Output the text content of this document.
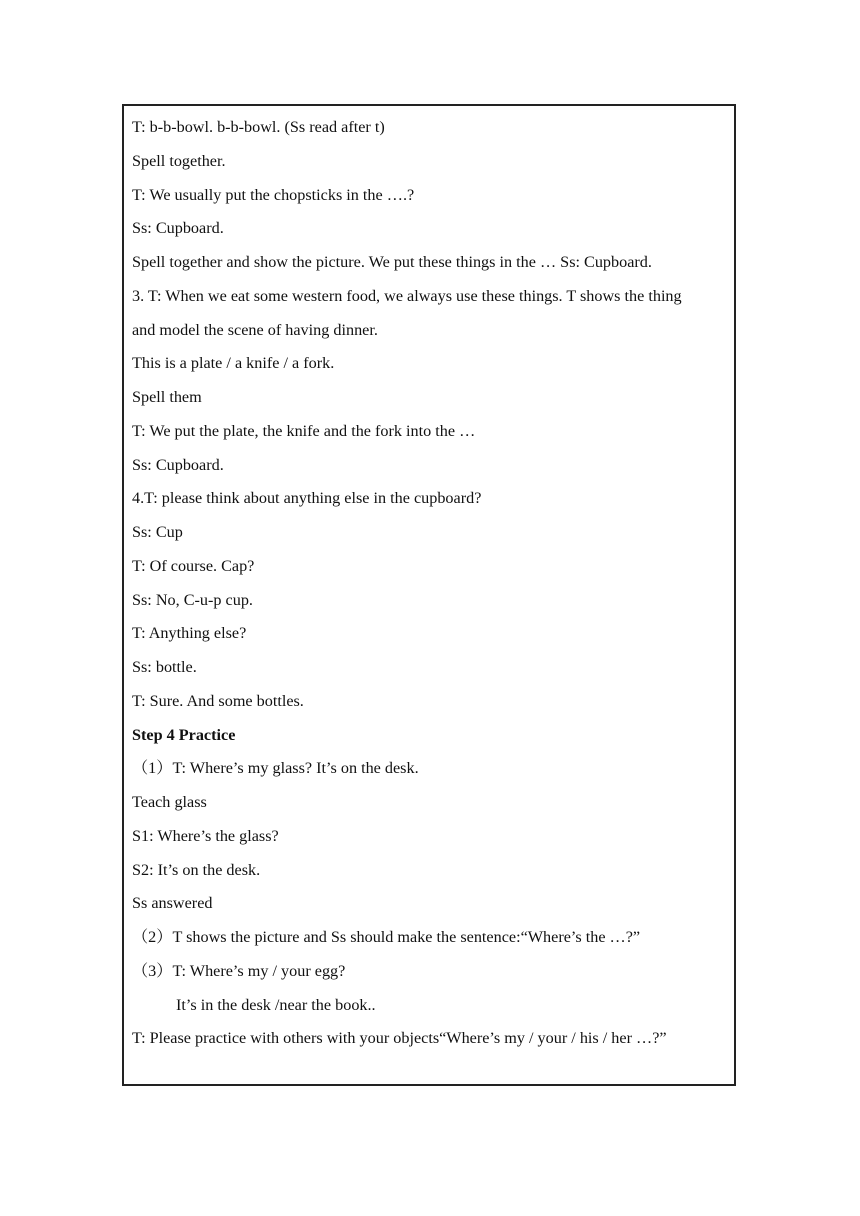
T: b-b-bowl. b-b-bowl. (Ss read after t)
Spell together.
T: We usually put the chopsticks in the ….?
Ss: Cupboard.
Spell together and show the picture. We put these things in the … Ss: Cupboard.
3. T: When we eat some western food, we always use these things. T shows the thing
and model the scene of having dinner.
This is a plate / a knife / a fork.
Spell them
T: We put the plate, the knife and the fork into the …
Ss: Cupboard.
4.T: please think about anything else in the cupboard?
Ss: Cup
T: Of course. Cap?
Ss: No, C-u-p cup.
T: Anything else?
Ss: bottle.
T: Sure. And some bottles.
Step 4 Practice
（1）T: Where’s my glass? It’s on the desk.
Teach glass
S1: Where’s the glass?
S2: It’s on the desk.
Ss answered
（2）T shows the picture and Ss should make the sentence:“Where’s the …?”
（3）T: Where’s my / your egg?
It’s in the desk /near the book..
T: Please practice with others with your objects“Where’s my / your / his / her …?”
